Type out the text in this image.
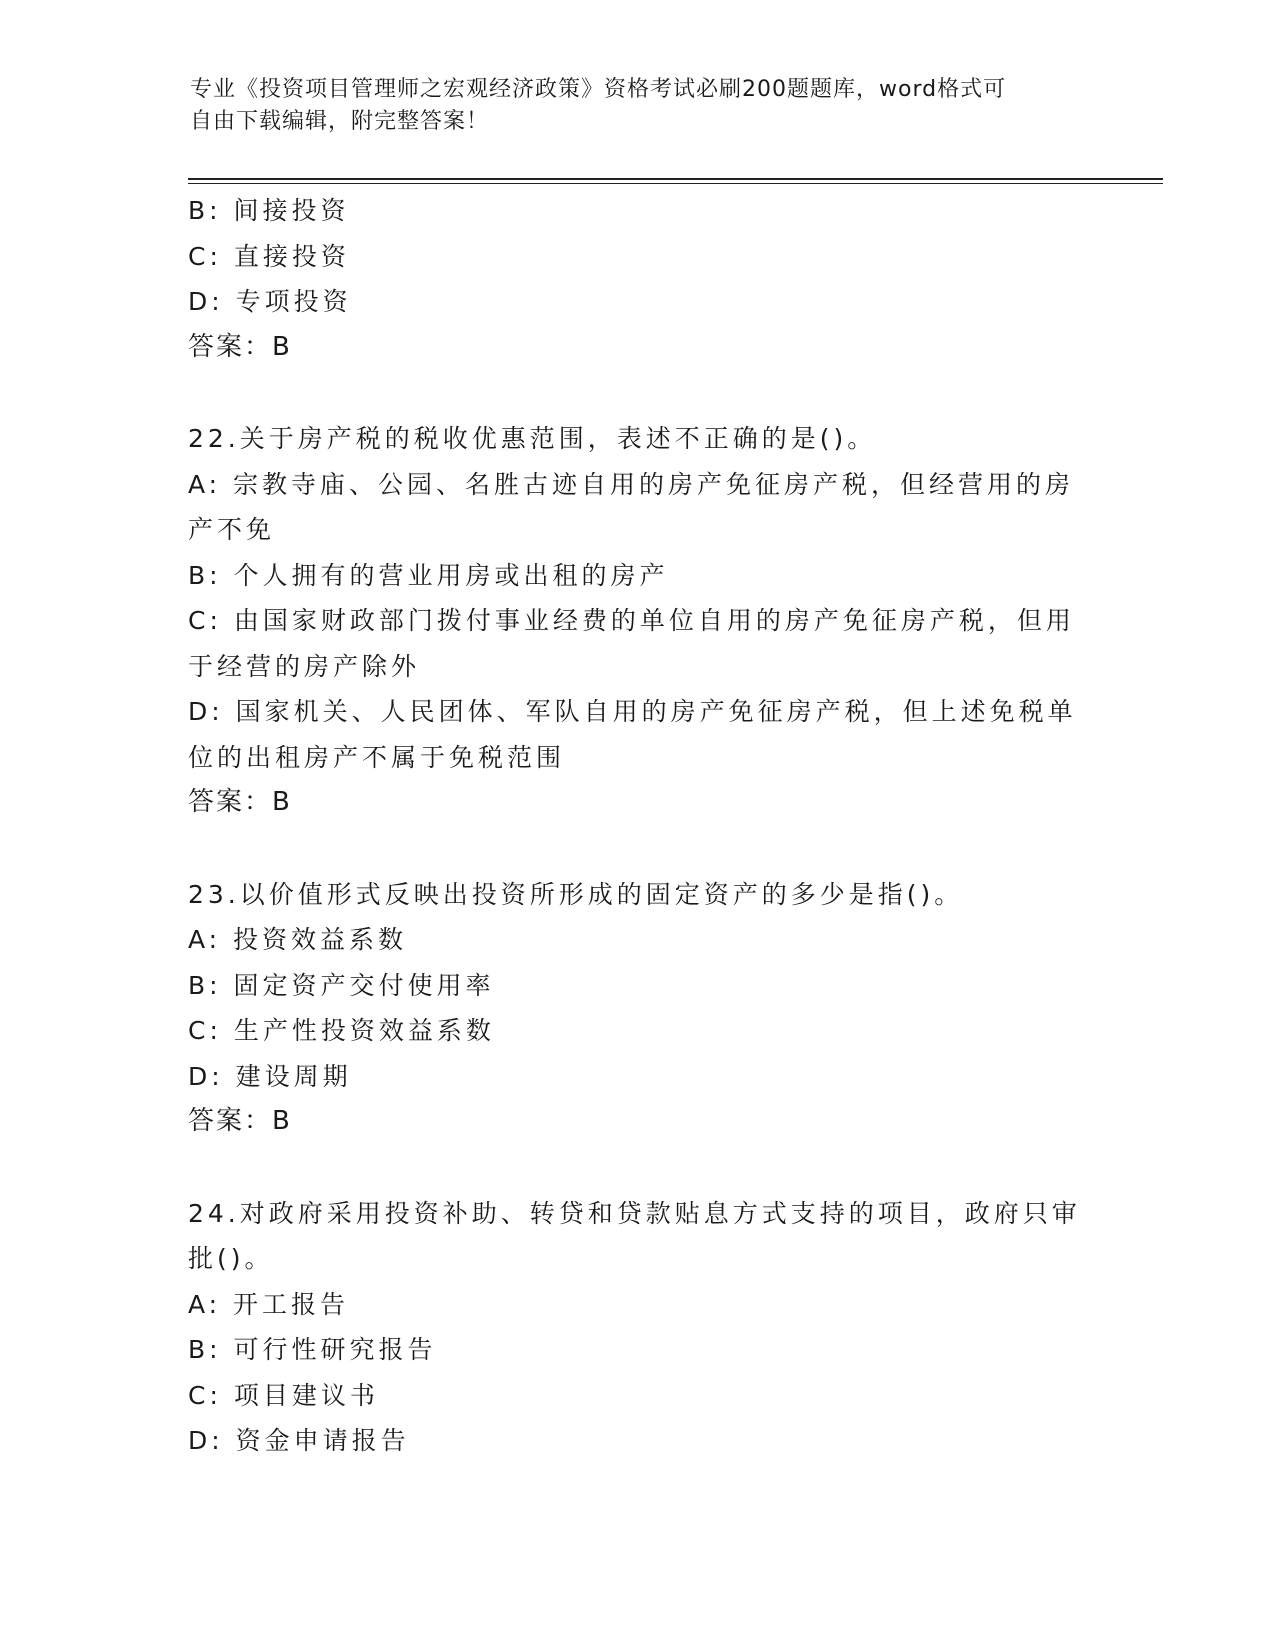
专业《投资项目管理师之宏观经济政策》资格考试必刷200题题库，word格式可
自由下载编辑，附完整答案！

B: 间接投资

C: 直接投资

D: 专项投资

答案：B

22.关于房产税的税收优惠范围，表述不正确的是()。

A: 宗教寺庙、公园、名胜古迹自用的房产免征房产税，但经营用的房

产不免

B: 个人拥有的营业用房或出租的房产

C: 由国家财政部门拨付事业经费的单位自用的房产免征房产税，但用

于经营的房产除外

D: 国家机关、人民团体、军队自用的房产免征房产税，但上述免税单

位的出租房产不属于免税范围

答案：B

23.以价值形式反映出投资所形成的固定资产的多少是指()。

A: 投资效益系数

B: 固定资产交付使用率

C: 生产性投资效益系数

D: 建设周期

答案：B

24.对政府采用投资补助、转贷和贷款贴息方式支持的项目，政府只审

批()。

A: 开工报告

B: 可行性研究报告

C: 项目建议书

D: 资金申请报告
